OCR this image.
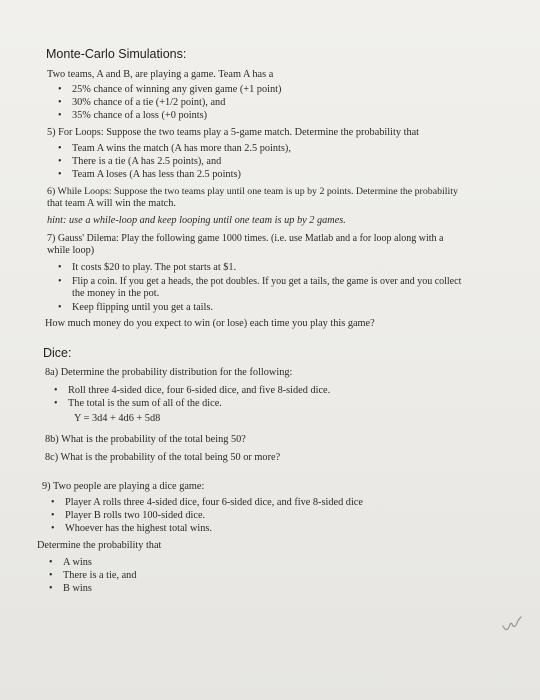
Monte-Carlo Simulations:
Two teams, A and B, are playing a game. Team A has a
• 25% chance of winning any given game (+1 point)
• 30% chance of a tie (+1/2 point), and
• 35% chance of a loss (+0 points)
5) For Loops: Suppose the two teams play a 5-game match. Determine the probability that
• Team A wins the match (A has more than 2.5 points),
• There is a tie (A has 2.5 points), and
• Team A loses (A has less than 2.5 points)
6) While Loops: Suppose the two teams play until one team is up by 2 points. Determine the probability
that team A will win the match.
hint: use a while-loop and keep looping until one team is up by 2 games.
7) Gauss' Dilema: Play the following game 1000 times. (i.e. use Matlab and a for loop along with a
while loop)
• It costs $20 to play. The pot starts at $1.
• Flip a coin. If you get a heads, the pot doubles. If you get a tails, the game is over and you collect
the money in the pot.
• Keep flipping until you get a tails.
How much money do you expect to win (or lose) each time you play this game?
Dice:
8a) Determine the probability distribution for the following:
• Roll three 4-sided dice, four 6-sided dice, and five 8-sided dice.
• The total is the sum of all of the dice.
Y = 3d4 + 4d6 + 5d8
8b) What is the probability of the total being 50?
8c) What is the probability of the total being 50 or more?
9) Two people are playing a dice game:
• Player A rolls three 4-sided dice, four 6-sided dice, and five 8-sided dice
• Player B rolls two 100-sided dice.
• Whoever has the highest total wins.
Determine the probability that
• A wins
• There is a tie, and
• B wins
